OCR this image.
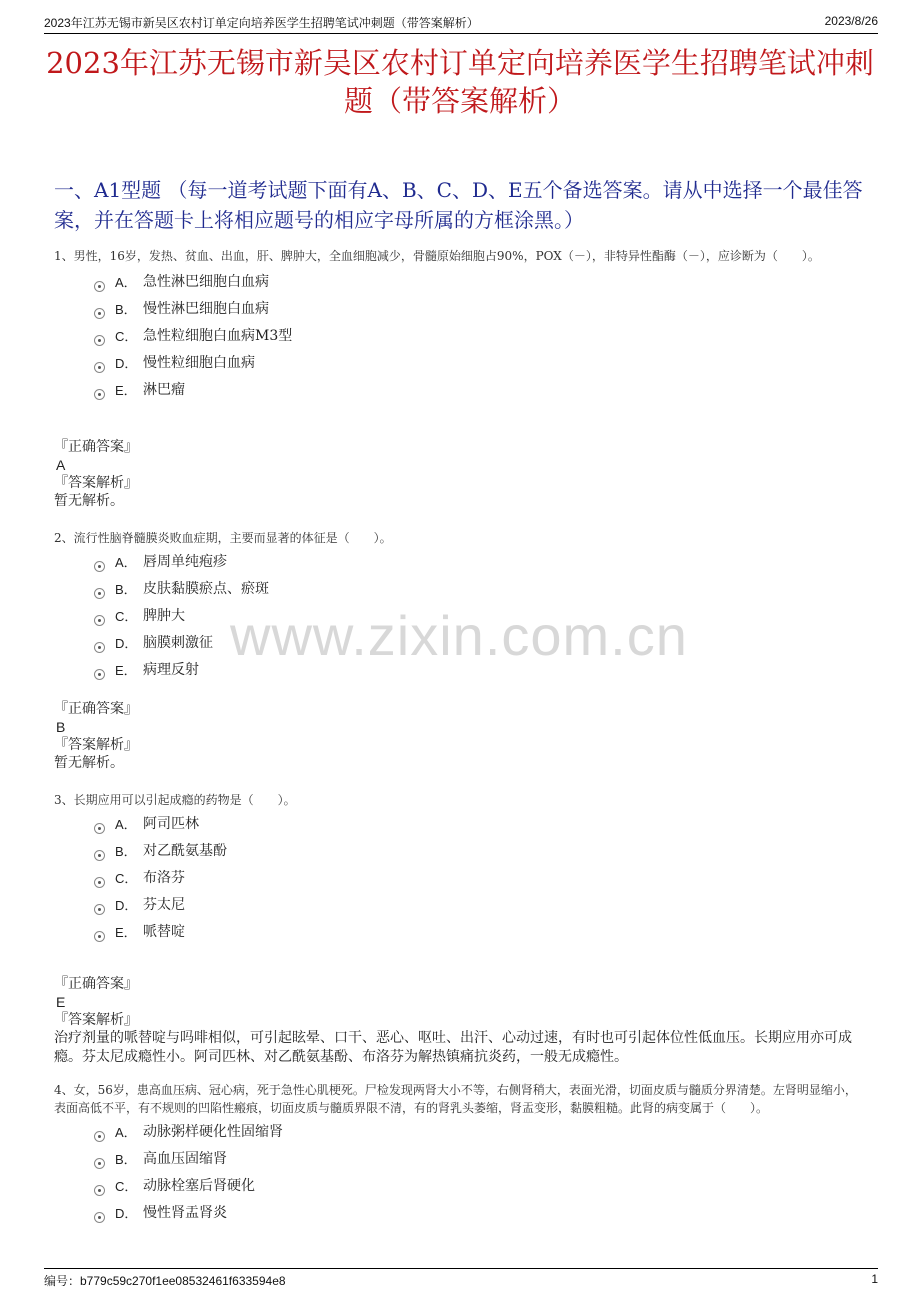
2023年江苏无锡市新吴区农村订单定向培养医学生招聘笔试冲刺题（带答案解析）	2023/8/26
2023年江苏无锡市新吴区农村订单定向培养医学生招聘笔试冲刺题（带答案解析）
一、A1型题 （每一道考试题下面有A、B、C、D、E五个备选答案。请从中选择一个最佳答案，并在答题卡上将相应题号的相应字母所属的方框涂黑。）
www.zixin.com.cn

1、男性，16岁，发热、贫血、出血，肝、脾肿大，全血细胞减少，骨髓原始细胞占90%，POX（－），非特异性酯酶（－），应诊断为（　　）。

A． 急性淋巴细胞白血病
B． 慢性淋巴细胞白血病
C． 急性粒细胞白血病M3型
D． 慢性粒细胞白血病
E． 淋巴瘤
『正确答案』
A
『答案解析』
暂无解析。

2、流行性脑脊髓膜炎败血症期，主要而显著的体征是（　　）。

A． 唇周单纯疱疹
B． 皮肤黏膜瘀点、瘀斑
C． 脾肿大
D． 脑膜刺激征
E． 病理反射
『正确答案』
B
『答案解析』
暂无解析。

3、长期应用可以引起成瘾的药物是（　　）。

A． 阿司匹林
B． 对乙酰氨基酚
C． 布洛芬
D． 芬太尼
E． 哌替啶
『正确答案』
E
『答案解析』
治疗剂量的哌替啶与吗啡相似，可引起眩晕、口干、恶心、呕吐、出汗、心动过速，有时也可引起体位性低血压。长期应用亦可成瘾。芬太尼成瘾性小。阿司匹林、对乙酰氨基酚、布洛芬为解热镇痛抗炎药，一般无成瘾性。

4、女，56岁，患高血压病、冠心病，死于急性心肌梗死。尸检发现两肾大小不等，右侧肾稍大，表面光滑，切面皮质与髓质分界清楚。左肾明显缩小，表面高低不平，有不规则的凹陷性瘢痕，切面皮质与髓质界限不清，有的肾乳头萎缩，肾盂变形，黏膜粗糙。此肾的病变属于（　　）。

A． 动脉粥样硬化性固缩肾
B． 高血压固缩肾
C． 动脉栓塞后肾硬化
D． 慢性肾盂肾炎
编号：b779c59c270f1ee08532461f633594e8	1
